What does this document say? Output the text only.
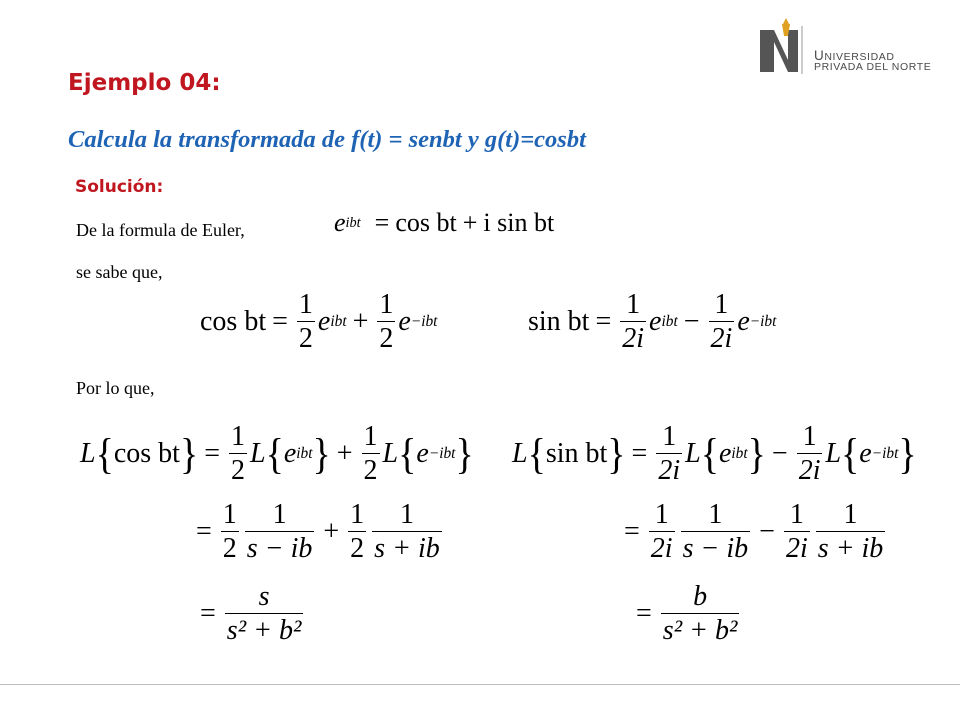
UNIVERSIDAD
PRIVADA DEL NORTE
Ejemplo 04:
Calcula la transformada de f(t) = senbt y g(t)=cosbt
Solución:
De la formula de Euler,	e ibt = cos bt + i sin bt
se sabe que,
cos bt = $\frac{1}{2}$ e ibt + $\frac{1}{2}$ e −ibt	sin bt = $\frac{1}{2i}$ e ibt − $\frac{1}{2i}$ e −ibt
Por lo que,
L { cos bt } = $\frac{1}{2}$ L { e ibt } + $\frac{1}{2}$ L { e −ibt }
= $\frac{1}{2} \frac{1}{s - ib} + \frac{1}{2} \frac{1}{s + ib}$
= $\frac{s}{\text{s² + b²}}$
L { sin bt } = $\frac{1}{2i}$ L { e ibt } − $\frac{1}{2i}$ L { e −ibt }
= $\frac{1}{2i} \frac{1}{s - ib} - \frac{1}{2i} \frac{1}{s + ib}$
= $\frac{b}{\text{s² + b²}}$
